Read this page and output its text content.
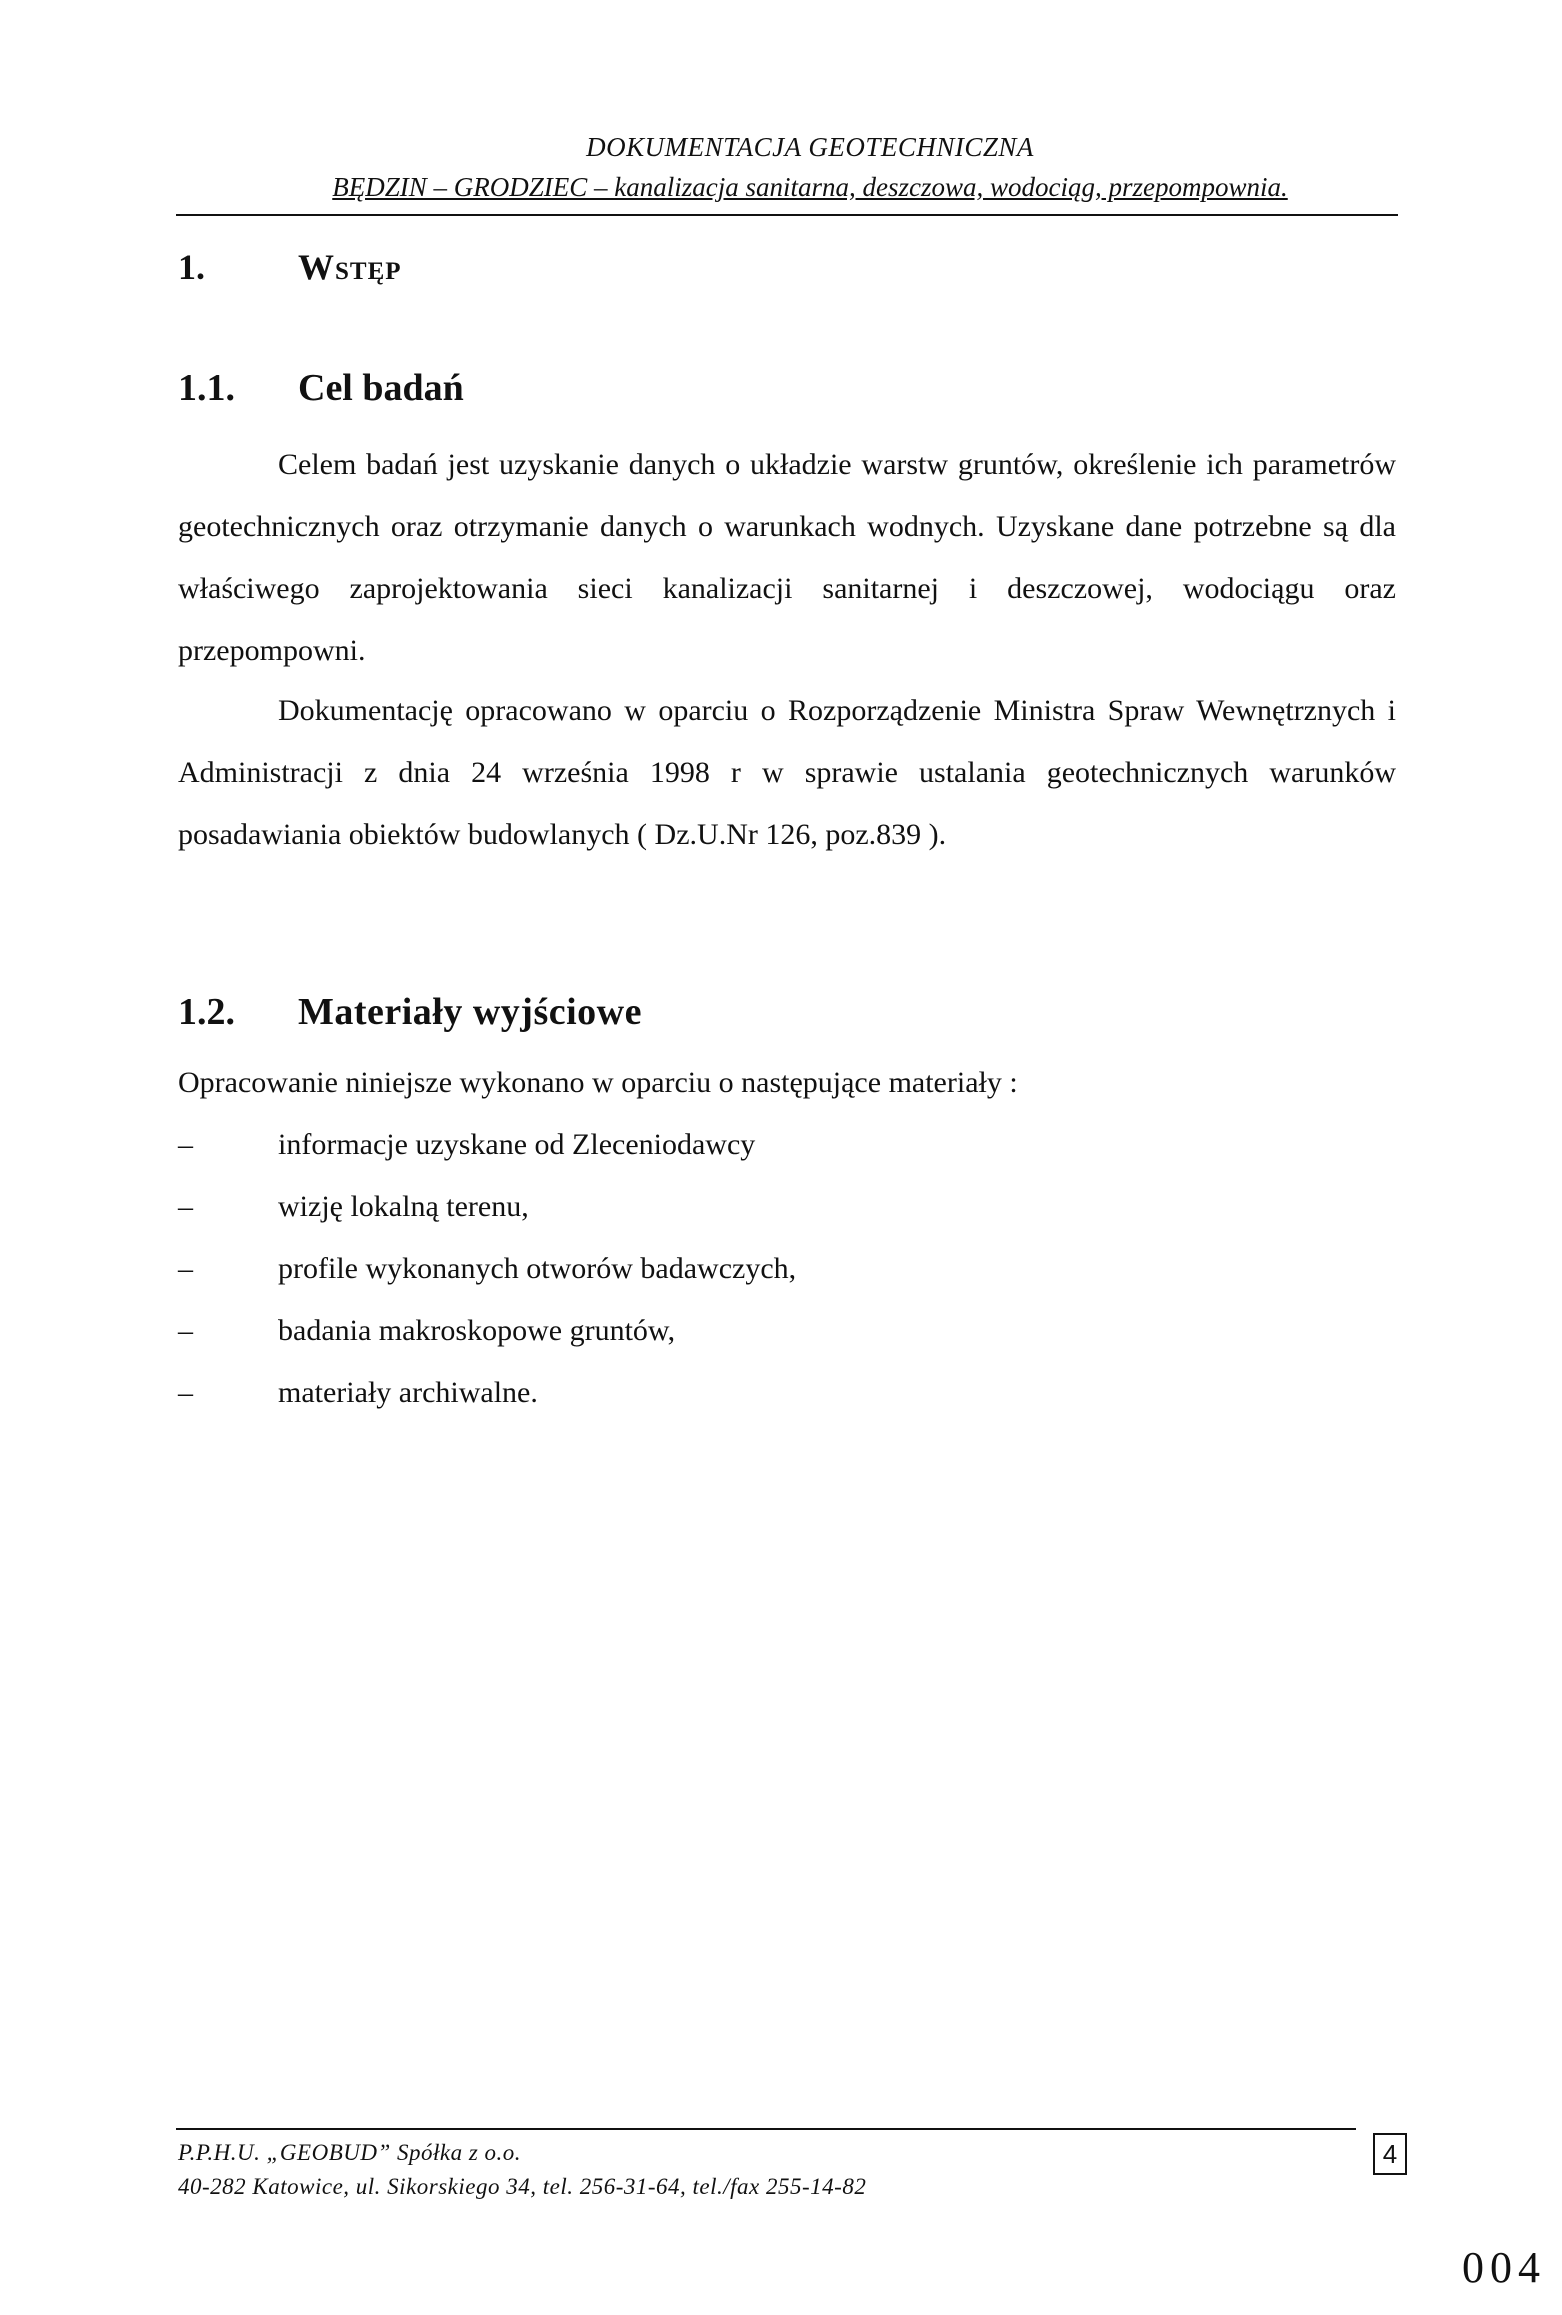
DOKUMENTACJA GEOTECHNICZNA
BĘDZIN – GRODZIEC – kanalizacja sanitarna, deszczowa, wodociąg, przepompownia.
1.	Wstęp
1.1. Cel badań

Celem badań jest uzyskanie danych o układzie warstw gruntów, określenie ich parametrów geotechnicznych oraz otrzymanie danych o warunkach wodnych. Uzyskane dane potrzebne są dla właściwego zaprojektowania sieci kanalizacji sanitarnej i deszczowej, wodociągu oraz przepompowni.

Dokumentację opracowano w oparciu o Rozporządzenie Ministra Spraw Wewnętrznych i Administracji z dnia 24 września 1998 r w sprawie ustalania geotechnicznych warunków posadawiania obiektów budowlanych ( Dz.U.Nr 126, poz.839 ).

1.2. Materiały wyjściowe
Opracowanie niniejsze wykonano w oparciu o następujące materiały :
–	informacje uzyskane od Zleceniodawcy
–	wizję lokalną terenu,
–	profile wykonanych otworów badawczych,
–	badania makroskopowe gruntów,
–	materiały archiwalne.
P.P.H.U. „GEOBUD” Spółka z o.o.
40-282 Katowice, ul. Sikorskiego 34, tel. 256-31-64, tel./fax 255-14-82
4
004
